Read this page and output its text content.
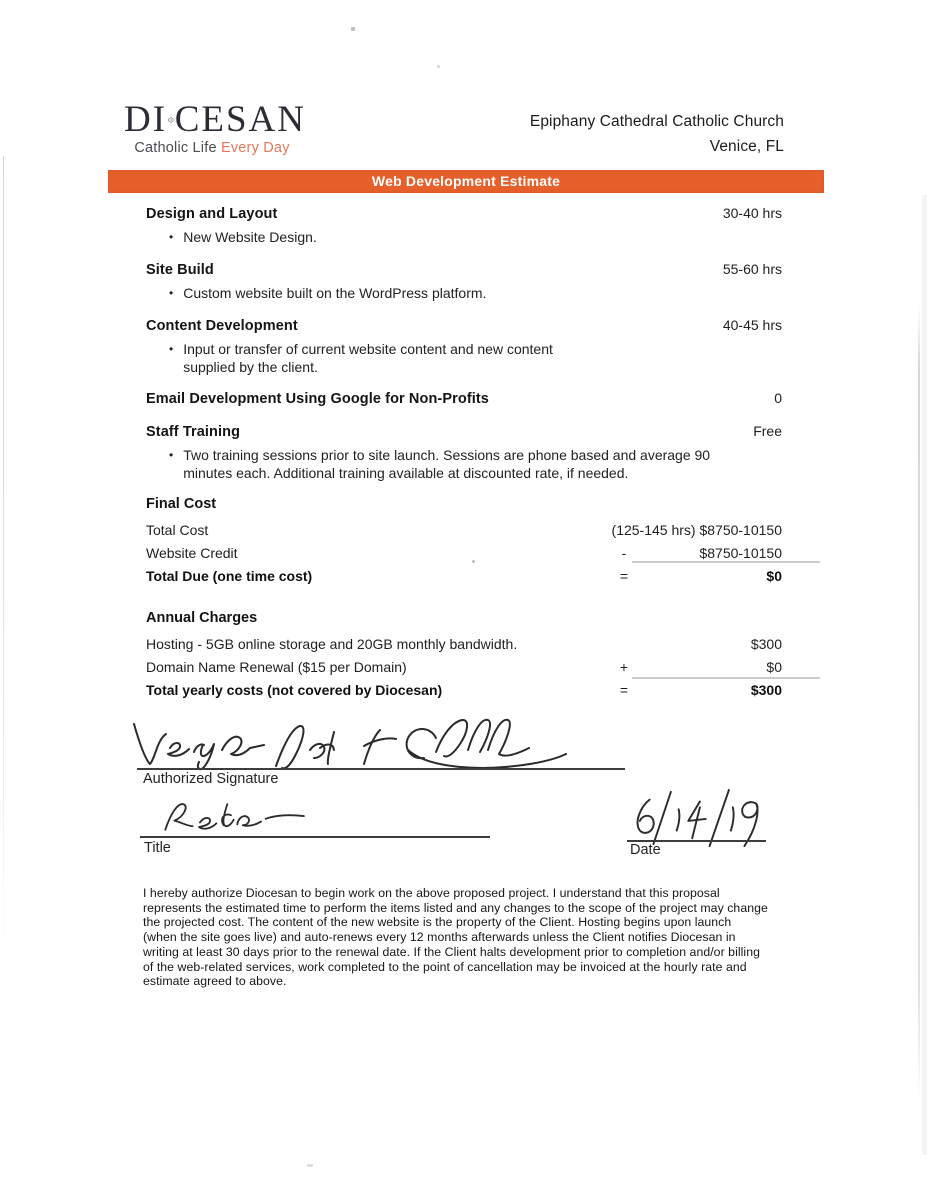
DI CESAN
Catholic Life Every Day
Epiphany Cathedral Catholic Church
Venice, FL
Web Development Estimate
Design and Layout	30-40 hrs
• New Website Design.
Site Build	55-60 hrs
• Custom website built on the WordPress platform.
Content Development	40-45 hrs
• Input or transfer of current website content and new content supplied by the client.
Email Development Using Google for Non-Profits	0
Staff Training	Free
• Two training sessions prior to site launch. Sessions are phone based and average 90 minutes each. Additional training available at discounted rate, if needed.
Final Cost
Total Cost	(125-145 hrs) $8750-10150
Website Credit	-	$8750-10150
Total Due (one time cost)	=	$0
Annual Charges
Hosting - 5GB online storage and 20GB monthly bandwidth.	$300
Domain Name Renewal ($15 per Domain)	+	$0
Total yearly costs (not covered by Diocesan)	=	$300
Authorized Signature
Title	Date
I hereby authorize Diocesan to begin work on the above proposed project. I understand that this proposal
represents the estimated time to perform the items listed and any changes to the scope of the project may change
the projected cost. The content of the new website is the property of the Client. Hosting begins upon launch
(when the site goes live) and auto-renews every 12 months afterwards unless the Client notifies Diocesan in
writing at least 30 days prior to the renewal date. If the Client halts development prior to completion and/or billing
of the web-related services, work completed to the point of cancellation may be invoiced at the hourly rate and
estimate agreed to above.
